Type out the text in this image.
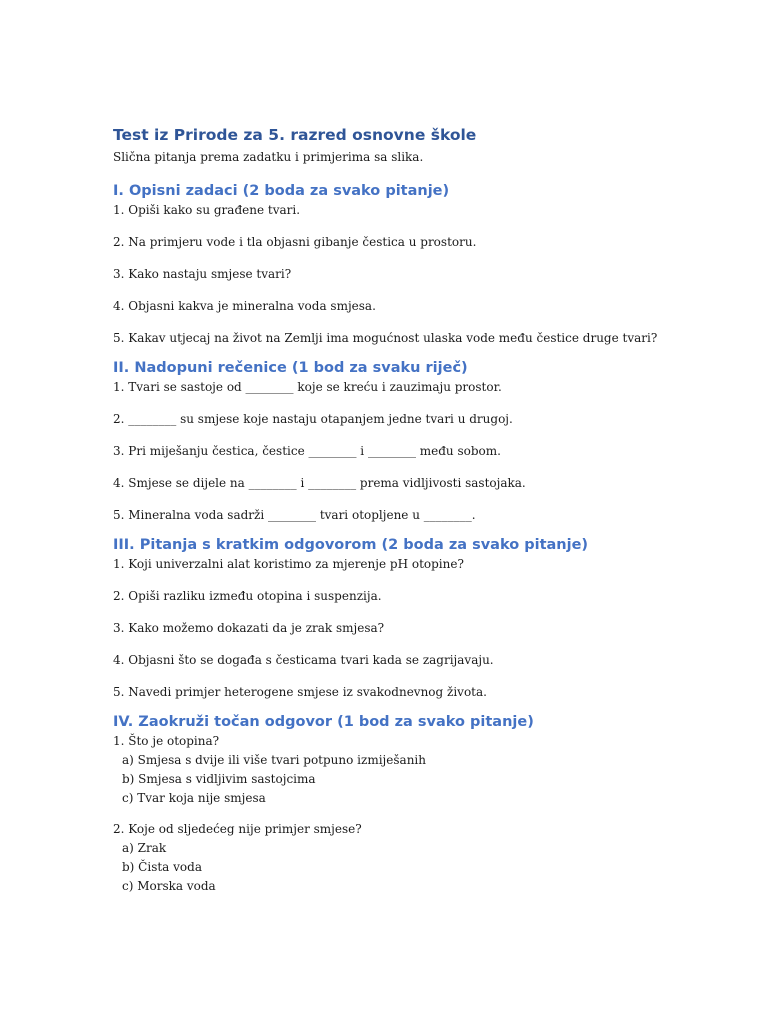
Test iz Prirode za 5. razred osnovne škole

Slična pitanja prema zadatku i primjerima sa slika.

I. Opisni zadaci (2 boda za svako pitanje)

1. Opiši kako su građene tvari.

2. Na primjeru vode i tla objasni gibanje čestica u prostoru.

3. Kako nastaju smjese tvari?

4. Objasni kakva je mineralna voda smjesa.

5. Kakav utjecaj na život na Zemlji ima mogućnost ulaska vode među čestice druge tvari?

II. Nadopuni rečenice (1 bod za svaku riječ)

1. Tvari se sastoje od ________ koje se kreću i zauzimaju prostor.

2. ________ su smjese koje nastaju otapanjem jedne tvari u drugoj.

3. Pri miješanju čestica, čestice ________ i ________ među sobom.

4. Smjese se dijele na ________ i ________ prema vidljivosti sastojaka.

5. Mineralna voda sadrži ________ tvari otopljene u ________.

III. Pitanja s kratkim odgovorom (2 boda za svako pitanje)

1. Koji univerzalni alat koristimo za mjerenje pH otopine?

2. Opiši razliku između otopina i suspenzija.

3. Kako možemo dokazati da je zrak smjesa?

4. Objasni što se događa s česticama tvari kada se zagrijavaju.

5. Navedi primjer heterogene smjese iz svakodnevnog života.

IV. Zaokruži točan odgovor (1 bod za svako pitanje)

1. Što je otopina?

a) Smjesa s dvije ili više tvari potpuno izmiješanih

b) Smjesa s vidljivim sastojcima

c) Tvar koja nije smjesa

2. Koje od sljedećeg nije primjer smjese?

a) Zrak

b) Čista voda

c) Morska voda
